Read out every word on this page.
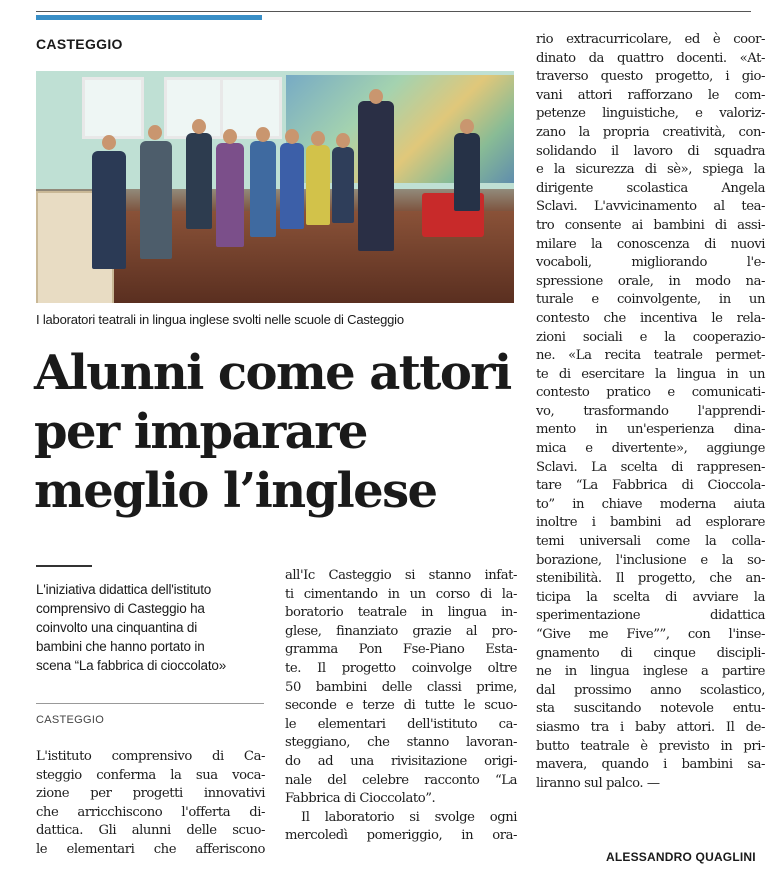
CASTEGGIO
I laboratori teatrali in lingua inglese svolti nelle scuole di Casteggio
Alunni come attori
per imparare
meglio l’inglese
L'iniziativa didattica dell'istituto
comprensivo di Casteggio ha
coinvolto una cinquantina di
bambini che hanno portato in
scena “La fabbrica di cioccolato»
CASTEGGIO
L'istituto comprensivo di Ca-
steggio conferma la sua voca-
zione per progetti innovativi
che arricchiscono l'offerta di-
dattica. Gli alunni delle scuo-
le elementari che afferiscono
all'Ic Casteggio si stanno infat-
ti cimentando in un corso di la-
boratorio teatrale in lingua in-
glese, finanziato grazie al pro-
gramma Pon Fse-Piano Esta-
te. Il progetto coinvolge oltre
50 bambini delle classi prime,
seconde e terze di tutte le scuo-
le elementari dell'istituto ca-
steggiano, che stanno lavoran-
do ad una rivisitazione origi-
nale del celebre racconto “La
Fabbrica di Cioccolato”.
Il laboratorio si svolge ogni
mercoledì pomeriggio, in ora-
rio extracurricolare, ed è coor-
dinato da quattro docenti. «At-
traverso questo progetto, i gio-
vani attori rafforzano le com-
petenze linguistiche, e valoriz-
zano la propria creatività, con-
solidando il lavoro di squadra
e la sicurezza di sè», spiega la
dirigente scolastica Angela
Sclavi. L'avvicinamento al tea-
tro consente ai bambini di assi-
milare la conoscenza di nuovi
vocaboli, migliorando l'e-
spressione orale, in modo na-
turale e coinvolgente, in un
contesto che incentiva le rela-
zioni sociali e la cooperazio-
ne. «La recita teatrale permet-
te di esercitare la lingua in un
contesto pratico e comunicati-
vo, trasformando l'apprendi-
mento in un'esperienza dina-
mica e divertente», aggiunge
Sclavi. La scelta di rappresen-
tare “La Fabbrica di Cioccola-
to” in chiave moderna aiuta
inoltre i bambini ad esplorare
temi universali come la colla-
borazione, l'inclusione e la so-
stenibilità. Il progetto, che an-
ticipa la scelta di avviare la
sperimentazione didattica
“Give me Five””, con l'inse-
gnamento di cinque discipli-
ne in lingua inglese a partire
dal prossimo anno scolastico,
sta suscitando notevole entu-
siasmo tra i baby attori. Il de-
butto teatrale è previsto in pri-
mavera, quando i bambini sa-
liranno sul palco. —
ALESSANDRO QUAGLINI
